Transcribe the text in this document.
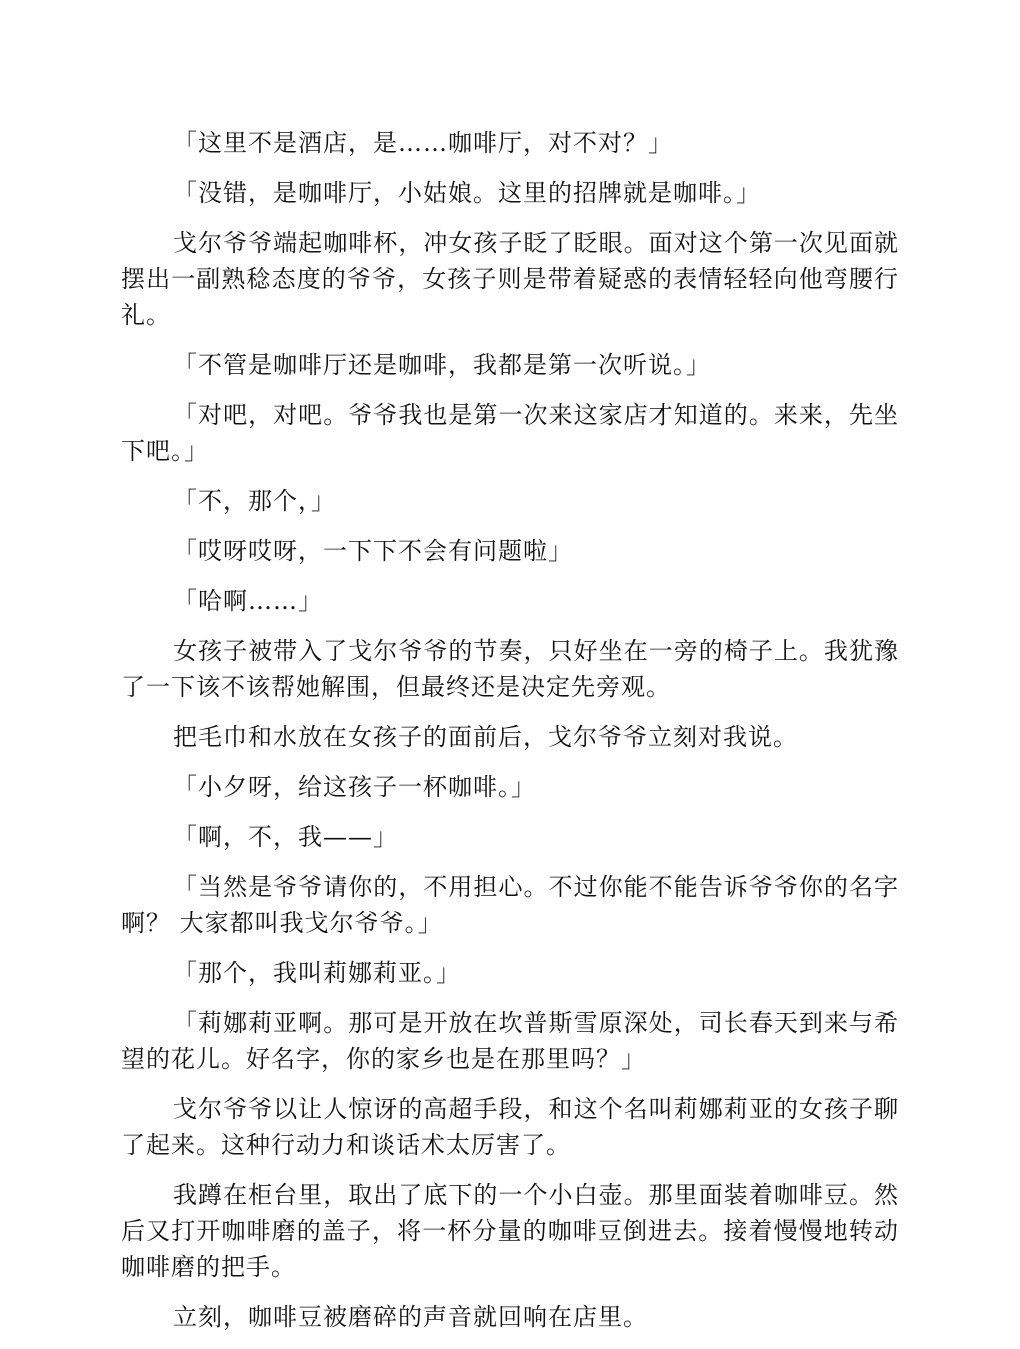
「这里不是酒店，是……咖啡厅，对不对？」

「没错，是咖啡厅，小姑娘。这里的招牌就是咖啡。」

戈尔爷爷端起咖啡杯，冲女孩子眨了眨眼。面对这个第一次见面就摆出一副熟稔态度的爷爷，女孩子则是带着疑惑的表情轻轻向他弯腰行礼。

「不管是咖啡厅还是咖啡，我都是第一次听说。」

「对吧，对吧。爷爷我也是第一次来这家店才知道的。来来，先坐下吧。」

「不，那个，」

「哎呀哎呀，一下下不会有问题啦」

「哈啊……」

女孩子被带入了戈尔爷爷的节奏，只好坐在一旁的椅子上。我犹豫了一下该不该帮她解围，但最终还是决定先旁观。

把毛巾和水放在女孩子的面前后，戈尔爷爷立刻对我说。

「小夕呀，给这孩子一杯咖啡。」

「啊，不，我——」

「当然是爷爷请你的，不用担心。不过你能不能告诉爷爷你的名字啊？ 大家都叫我戈尔爷爷。」

「那个，我叫莉娜莉亚。」

「莉娜莉亚啊。那可是开放在坎普斯雪原深处，司长春天到来与希望的花儿。好名字，你的家乡也是在那里吗？」

戈尔爷爷以让人惊讶的高超手段，和这个名叫莉娜莉亚的女孩子聊了起来。这种行动力和谈话术太厉害了。

我蹲在柜台里，取出了底下的一个小白壶。那里面装着咖啡豆。然后又打开咖啡磨的盖子，将一杯分量的咖啡豆倒进去。接着慢慢地转动咖啡磨的把手。

立刻，咖啡豆被磨碎的声音就回响在店里。
